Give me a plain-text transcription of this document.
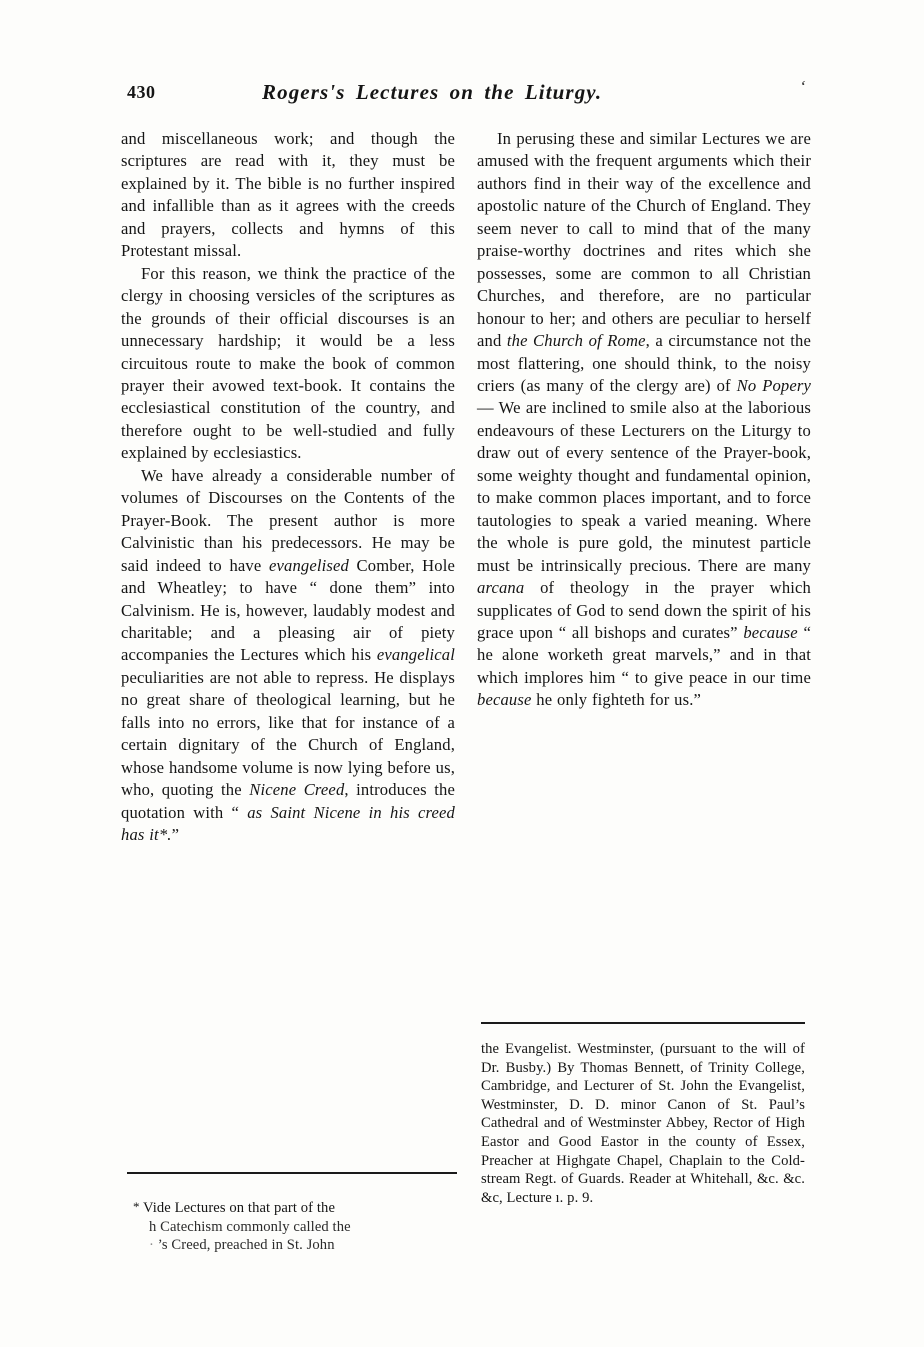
430	Rogers's Lectures on the Liturgy.	‘

and miscellaneous work; and though the scriptures are read with it, they must be explained by it. The bible is no further inspired and infallible than as it agrees with the creeds and prayers, collects and hymns of this Protestant missal.

For this reason, we think the practice of the clergy in choosing versicles of the scriptures as the grounds of their official discourses is an unnecessary hardship; it would be a less circuitous route to make the book of common prayer their avowed text-book. It contains the ecclesiastical constitution of the country, and therefore ought to be well-studied and fully explained by ecclesiastics.

We have already a considerable number of volumes of Discourses on the Contents of the Prayer-Book. The present author is more Calvinistic than his predecessors. He may be said indeed to have evangelised Comber, Hole and Wheatley; to have “ done them” into Calvinism. He is, however, laudably modest and charitable; and a pleasing air of piety accompanies the Lectures which his evangelical peculiarities are not able to repress. He displays no great share of theological learning, but he falls into no errors, like that for instance of a certain dignitary of the Church of England, whose handsome volume is now lying before us, who, quoting the Nicene Creed, introduces the quotation with “ as Saint Nicene in his creed has it*.”

In perusing these and similar Lectures we are amused with the frequent arguments which their authors find in their way of the excellence and apostolic nature of the Church of England. They seem never to call to mind that of the many praise-worthy doctrines and rites which she possesses, some are common to all Christian Churches, and therefore, are no particular honour to her; and others are peculiar to herself and the Church of Rome, a circumstance not the most flattering, one should think, to the noisy criers (as many of the clergy are) of No Popery— We are inclined to smile also at the laborious endeavours of these Lecturers on the Liturgy to draw out of every sentence of the Prayer-book, some weighty thought and fundamental opinion, to make common places important, and to force tautologies to speak a varied meaning. Where the whole is pure gold, the minutest particle must be intrinsically precious. There are many arcana of theology in the prayer which supplicates of God to send down the spirit of his grace upon “ all bishops and curates” because “ he alone worketh great marvels,” and in that which implores him “ to give peace in our time because he only fighteth for us.”

* Vide Lectures on that part of the
h Catechism commonly called the
· ’s Creed, preached in St. John

the Evangelist. Westminster, (pursuant to the will of Dr. Busby.) By Thomas Bennett, of Trinity College, Cambridge, and Lecturer of St. John the Evangelist, Westminster, D. D. minor Canon of St. Paul’s Cathedral and of Westminster Abbey, Rector of High Eastor and Good Eastor in the county of Essex, Preacher at Highgate Chapel, Chaplain to the Cold-stream Regt. of Guards. Reader at Whitehall, &c. &c. &c, Lecture ı. p. 9.
